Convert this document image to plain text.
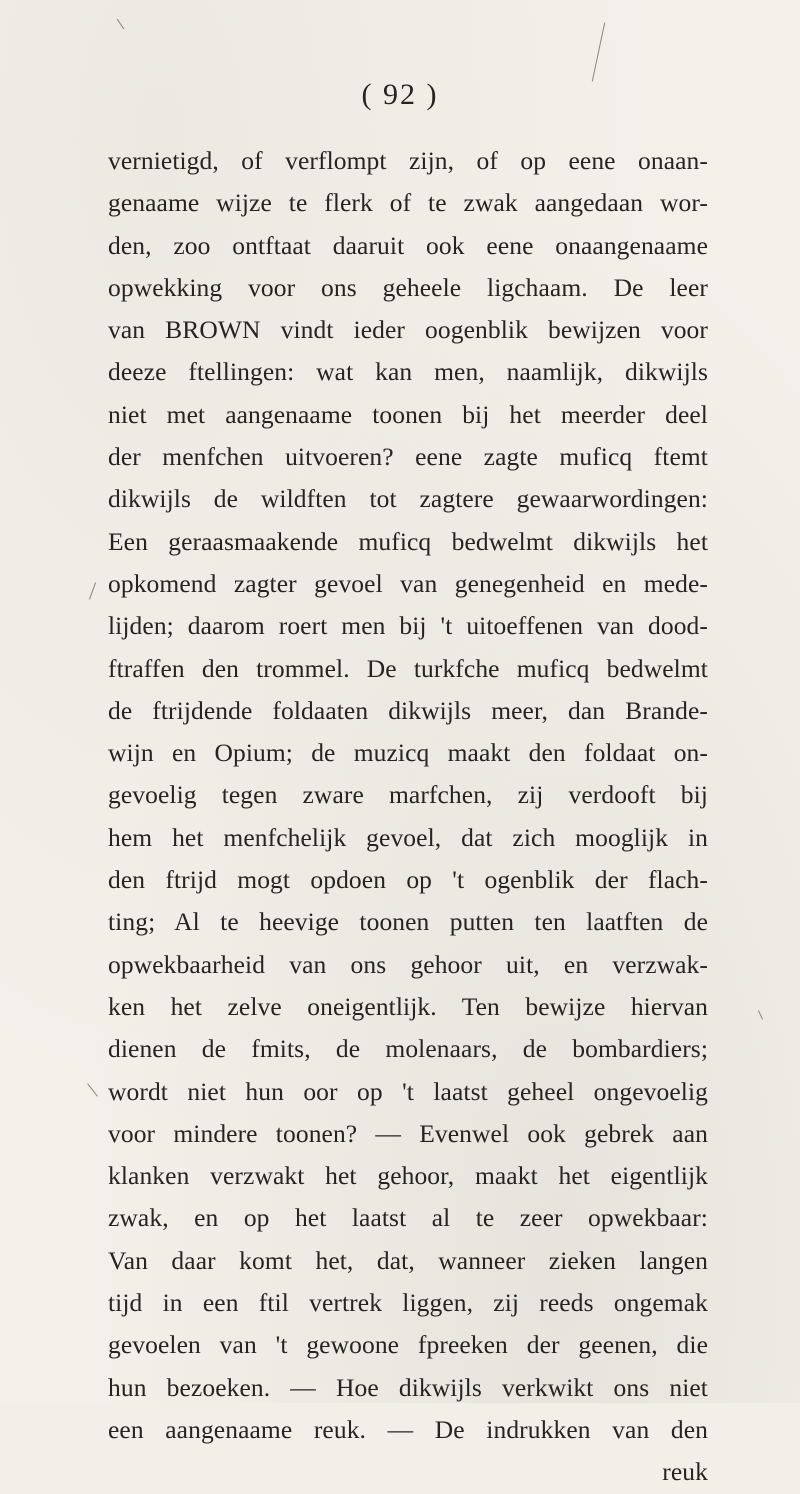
( 92 )
vernietigd, of verflompt zijn, of op eene onaan-
genaame wijze te flerk of te zwak aangedaan wor-
den, zoo ontftaat daaruit ook eene onaangenaame
opwekking voor ons geheele ligchaam. De leer
van BROWN vindt ieder oogenblik bewijzen voor
deeze ftellingen: wat kan men, naamlijk, dikwijls
niet met aangenaame toonen bij het meerder deel
der menfchen uitvoeren? eene zagte muficq ftemt
dikwijls de wildften tot zagtere gewaarwordingen:
Een geraasmaakende muficq bedwelmt dikwijls het
opkomend zagter gevoel van genegenheid en mede-
lijden; daarom roert men bij 't uitoeffenen van dood-
ftraffen den trommel. De turkfche muficq bedwelmt
de ftrijdende foldaaten dikwijls meer, dan Brande-
wijn en Opium; de muzicq maakt den foldaat on-
gevoelig tegen zware marfchen, zij verdooft bij
hem het menfchelijk gevoel, dat zich mooglijk in
den ftrijd mogt opdoen op 't ogenblik der flach-
ting; Al te heevige toonen putten ten laatften de
opwekbaarheid van ons gehoor uit, en verzwak-
ken het zelve oneigentlijk. Ten bewijze hiervan
dienen de fmits, de molenaars, de bombardiers;
wordt niet hun oor op 't laatst geheel ongevoelig
voor mindere toonen? — Evenwel ook gebrek aan
klanken verzwakt het gehoor, maakt het eigentlijk
zwak, en op het laatst al te zeer opwekbaar:
Van daar komt het, dat, wanneer zieken langen
tijd in een ftil vertrek liggen, zij reeds ongemak
gevoelen van 't gewoone fpreeken der geenen, die
hun bezoeken. — Hoe dikwijls verkwikt ons niet
een aangenaame reuk. — De indrukken van den
reuk
